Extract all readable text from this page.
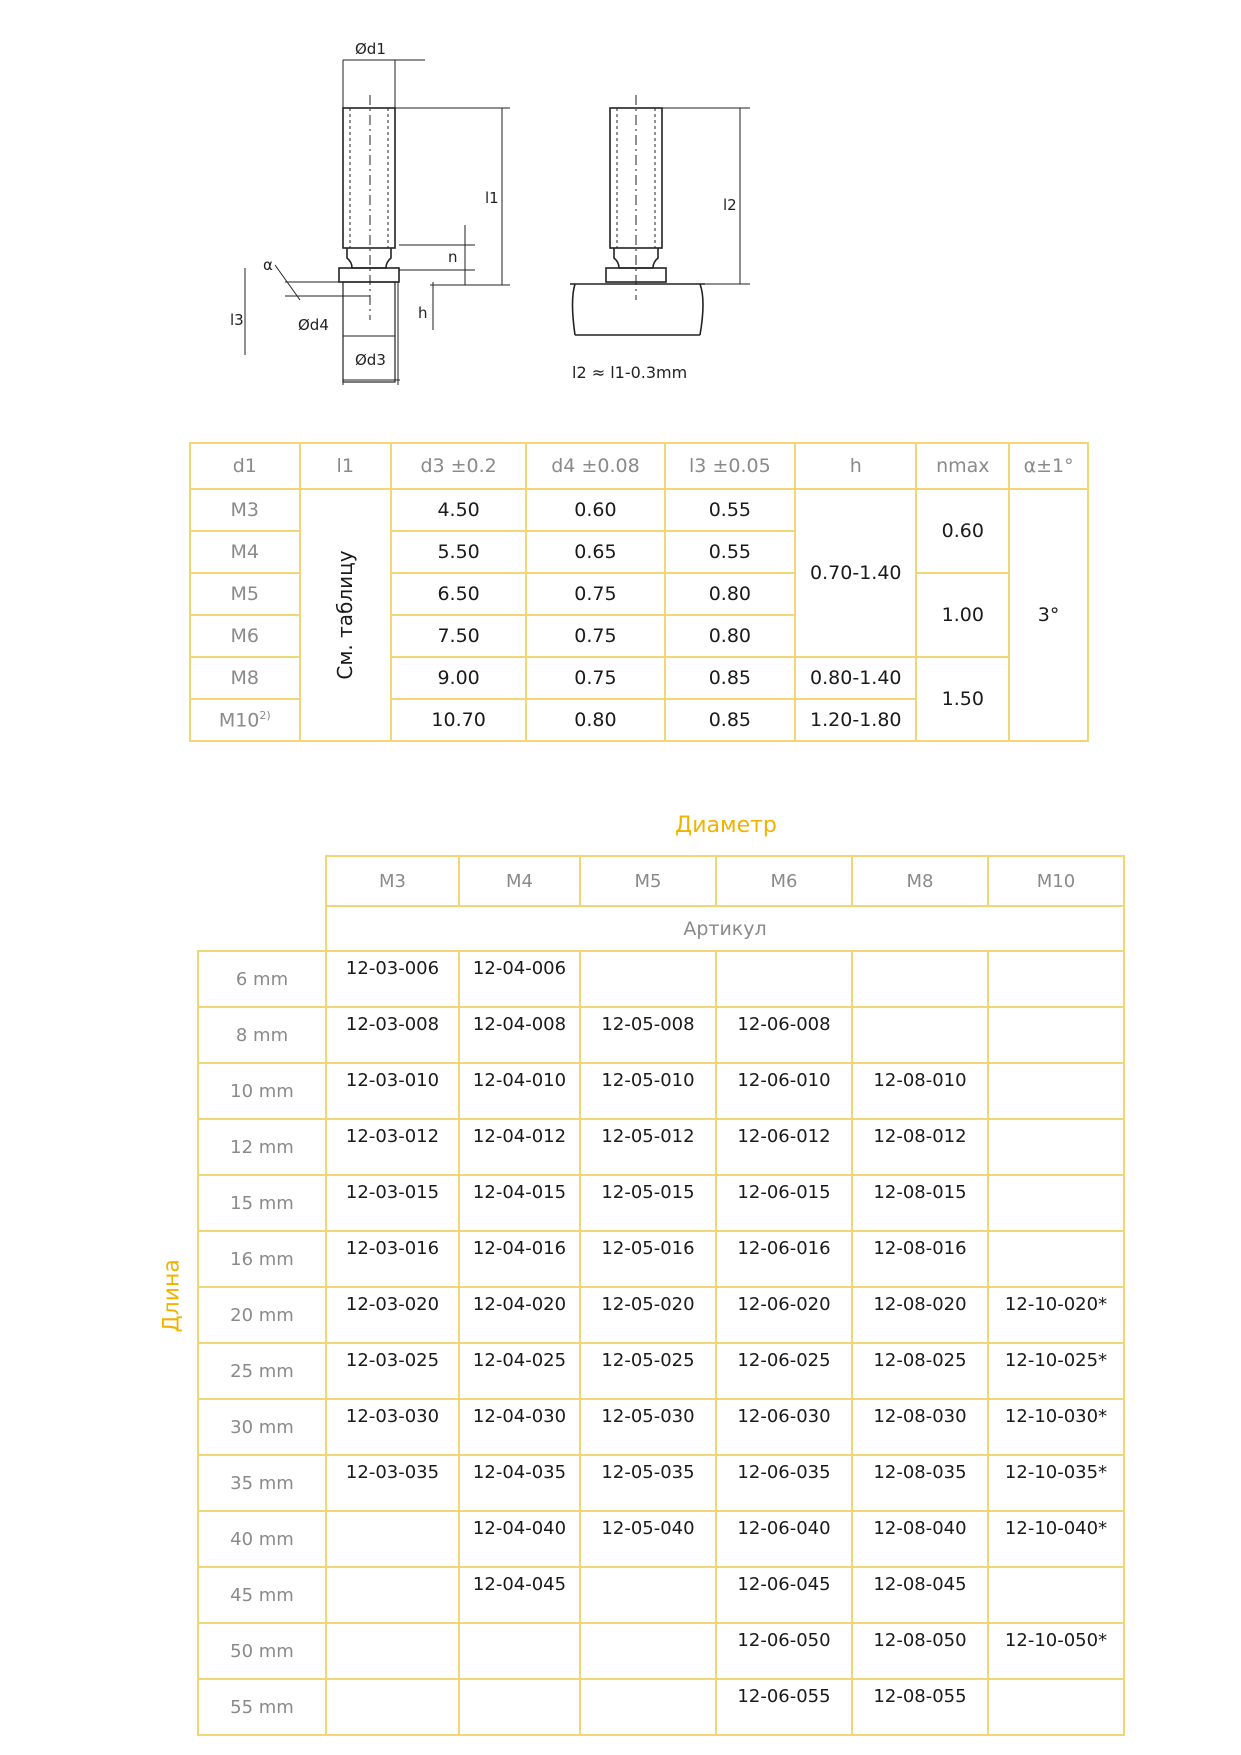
Ød1
l1	l2
l3
n
h
α
Ød4
Ød3
l2 ≈ l1-0.3mm
d1	l1	d3 ±0.2	d4 ±0.08	l3 ±0.05	h	nmax	α±1°
M3	См. таблицу	4.50	0.60	0.55	0.70-1.40	0.60	3°
M4		5.50	0.65	0.55			
M5		6.50	0.75	0.80		1.00	
M6		7.50	0.75	0.80			
M8		9.00	0.75	0.85	0.80-1.40	1.50	
M10$^{2)}$		10.70	0.80	0.85	1.20-1.80		
Диаметр
Длина
	M3	M4	M5	M6	M8	M10
	Артикул					
6 mm	12-03-006	12-04-006				
8 mm	12-03-008	12-04-008	12-05-008	12-06-008		
10 mm	12-03-010	12-04-010	12-05-010	12-06-010	12-08-010	
12 mm	12-03-012	12-04-012	12-05-012	12-06-012	12-08-012	
15 mm	12-03-015	12-04-015	12-05-015	12-06-015	12-08-015	
16 mm	12-03-016	12-04-016	12-05-016	12-06-016	12-08-016	
20 mm	12-03-020	12-04-020	12-05-020	12-06-020	12-08-020	12-10-020*
25 mm	12-03-025	12-04-025	12-05-025	12-06-025	12-08-025	12-10-025*
30 mm	12-03-030	12-04-030	12-05-030	12-06-030	12-08-030	12-10-030*
35 mm	12-03-035	12-04-035	12-05-035	12-06-035	12-08-035	12-10-035*
40 mm		12-04-040	12-05-040	12-06-040	12-08-040	12-10-040*
45 mm		12-04-045		12-06-045	12-08-045	
50 mm				12-06-050	12-08-050	12-10-050*
55 mm				12-06-055	12-08-055	
